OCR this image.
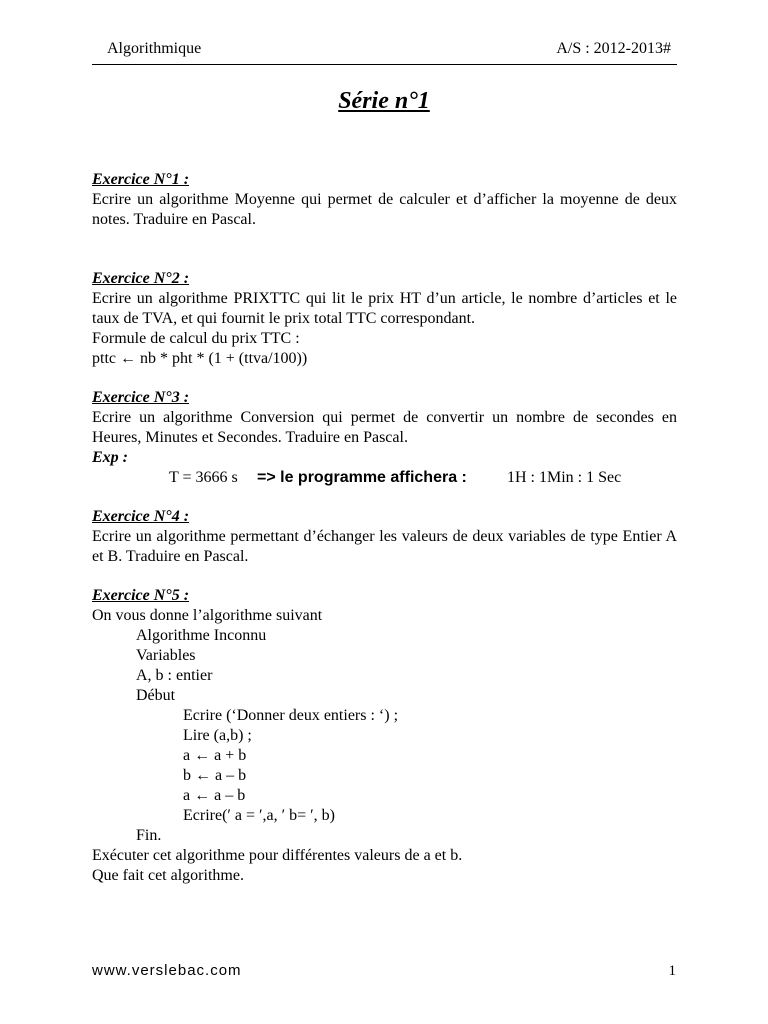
Algorithmique	A/S : 2012-2013#
Série n°1
Exercice N°1 :
Ecrire un algorithme Moyenne qui permet de calculer et d’afficher la moyenne de deux notes. Traduire en Pascal.
Exercice N°2 :
Ecrire un algorithme PRIXTTC qui lit le prix HT d’un article, le nombre d’articles et le taux de TVA, et qui fournit le prix total TTC correspondant.
Formule de calcul du prix TTC :
pttc ← nb * pht * (1 + (ttva/100))
Exercice N°3 :
Ecrire un algorithme Conversion qui permet de convertir un nombre de secondes en Heures, Minutes et Secondes. Traduire en Pascal.
Exp :
T = 3666 s => le programme affichera :	1H : 1Min : 1 Sec
Exercice N°4 :
Ecrire un algorithme permettant d’échanger les valeurs de deux variables de type Entier A et B. Traduire en Pascal.
Exercice N°5 :
On vous donne l’algorithme suivant
Algorithme Inconnu
Variables
A, b : entier
Début
Ecrire (‘Donner deux entiers : ‘) ;
Lire (a,b) ;
a ← a + b
b ← a – b
a ← a – b
Ecrire(′ a = ′,a, ′ b= ′, b)
Fin.
Exécuter cet algorithme pour différentes valeurs de a et b.
Que fait cet algorithme.
www.verslebac.com	1
